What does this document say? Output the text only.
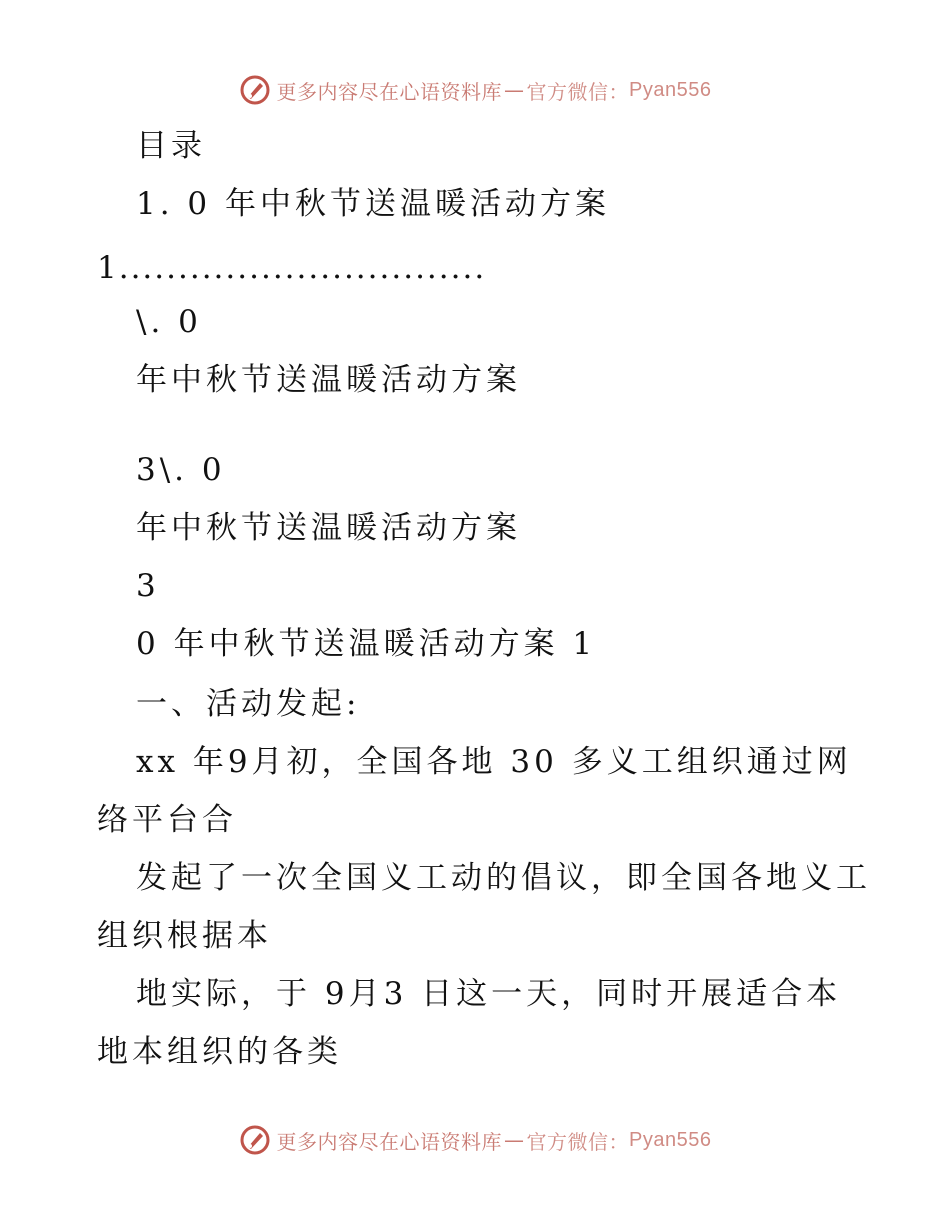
更多内容尽在心语资料库 — 官方微信： Pyan556
目录
1. 0 年中秋节送温暖活动方案
1...............................
\. 0
年中秋节送温暖活动方案
3\. 0
年中秋节送温暖活动方案
3
0 年中秋节送温暖活动方案 1
一、活动发起:
xx 年9月初，全国各地 30 多义工组织通过网
络平台合
发起了一次全国义工动的倡议，即全国各地义工
组织根据本
地实际，于 9月3 日这一天，同时开展适合本
地本组织的各类
更多内容尽在心语资料库 — 官方微信： Pyan556
